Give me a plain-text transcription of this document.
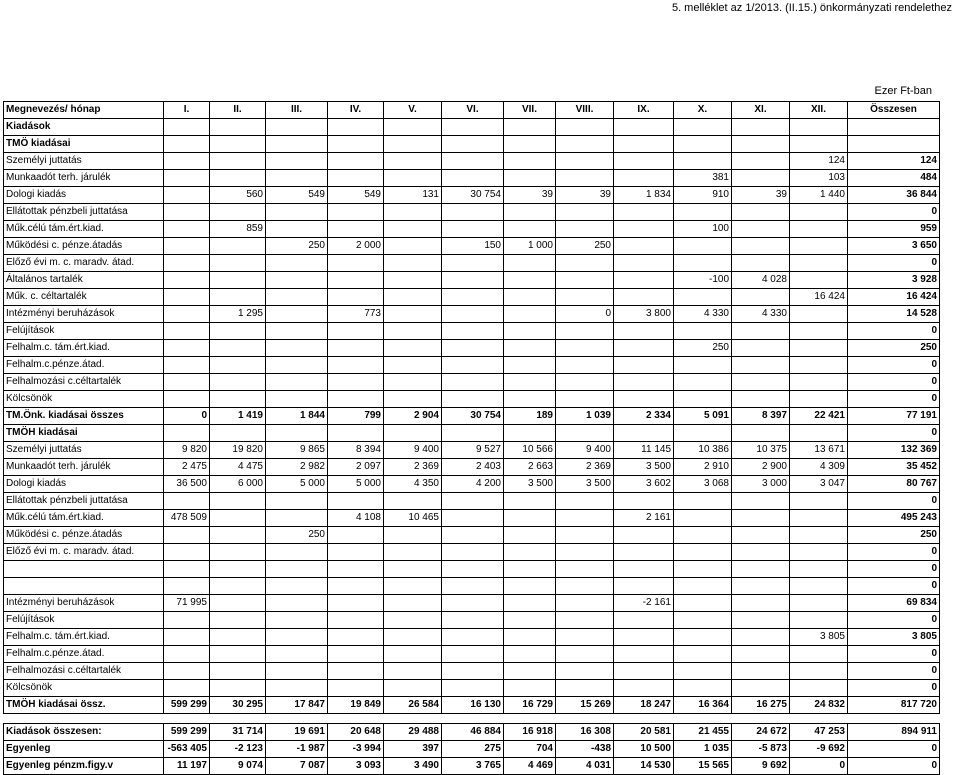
5. melléklet az 1/2013. (II.15.) önkormányzati rendelethez
Ezer Ft-ban
Megnevezés/ hónap	I.	II.	III.	IV.	V.	VI.	VII.	VIII.	IX.	X.	XI.	XII.	Összesen
Kiadások													
TMÖ kiadásai													
Személyi juttatás												124	124
Munkaadót terh. járulék										381		103	484
Dologi kiadás		560	549	549	131	30 754	39	39	1 834	910	39	1 440	36 844
Ellátottak pénzbeli juttatása													0
Műk.célú tám.ért.kiad.		859								100			959
Működési c. pénze.átadás			250	2 000		150	1 000	250					3 650
Előző évi m. c. maradv. átad.													0
Általános tartalék										-100	4 028		3 928
Műk. c. céltartalék												16 424	16 424
Intézményi beruházások		1 295		773				0	3 800	4 330	4 330		14 528
Felújítások													0
Felhalm.c. tám.ért.kiad.										250			250
Felhalm.c.pénze.átad.													0
Felhalmozási c.céltartalék													0
Kölcsönök													0
TM.Önk. kiadásai összes	0	1 419	1 844	799	2 904	30 754	189	1 039	2 334	5 091	8 397	22 421	77 191
TMÖH kiadásai													0
Személyi juttatás	9 820	19 820	9 865	8 394	9 400	9 527	10 566	9 400	11 145	10 386	10 375	13 671	132 369
Munkaadót terh. járulék	2 475	4 475	2 982	2 097	2 369	2 403	2 663	2 369	3 500	2 910	2 900	4 309	35 452
Dologi kiadás	36 500	6 000	5 000	5 000	4 350	4 200	3 500	3 500	3 602	3 068	3 000	3 047	80 767
Ellátottak pénzbeli juttatása													0
Műk.célú tám.ért.kiad.	478 509			4 108	10 465				2 161				495 243
Működési c. pénze.átadás			250										250
Előző évi m. c. maradv. átad.													0
													0
													0
Intézményi beruházások	71 995								-2 161				69 834
Felújítások													0
Felhalm.c. tám.ért.kiad.												3 805	3 805
Felhalm.c.pénze.átad.													0
Felhalmozási c.céltartalék													0
Kölcsönök													0
TMÖH kiadásai össz.	599 299	30 295	17 847	19 849	26 584	16 130	16 729	15 269	18 247	16 364	16 275	24 832	817 720

Kiadások összesen:	599 299	31 714	19 691	20 648	29 488	46 884	16 918	16 308	20 581	21 455	24 672	47 253	894 911
Egyenleg	-563 405	-2 123	-1 987	-3 994	397	275	704	-438	10 500	1 035	-5 873	-9 692	0
Egyenleg pénzm.figy.v	11 197	9 074	7 087	3 093	3 490	3 765	4 469	4 031	14 530	15 565	9 692	0	0
